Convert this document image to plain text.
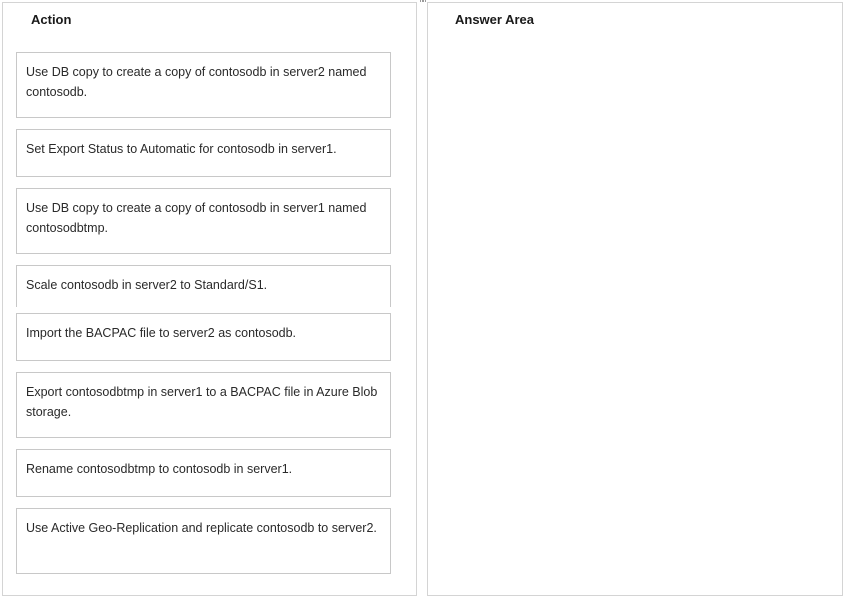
Action
Use DB copy to create a copy of contosodb in server2 named contosodb.
Set Export Status to Automatic for contosodb in server1.
Use DB copy to create a copy of contosodb in server1 named contosodbtmp.
Scale contosodb in server2 to Standard/S1.
Import the BACPAC file to server2 as contosodb.
Export contosodbtmp in server1 to a BACPAC file in Azure Blob storage.
Rename contosodbtmp to contosodb in server1.
Use Active Geo-Replication and replicate contosodb to server2.
Answer Area
